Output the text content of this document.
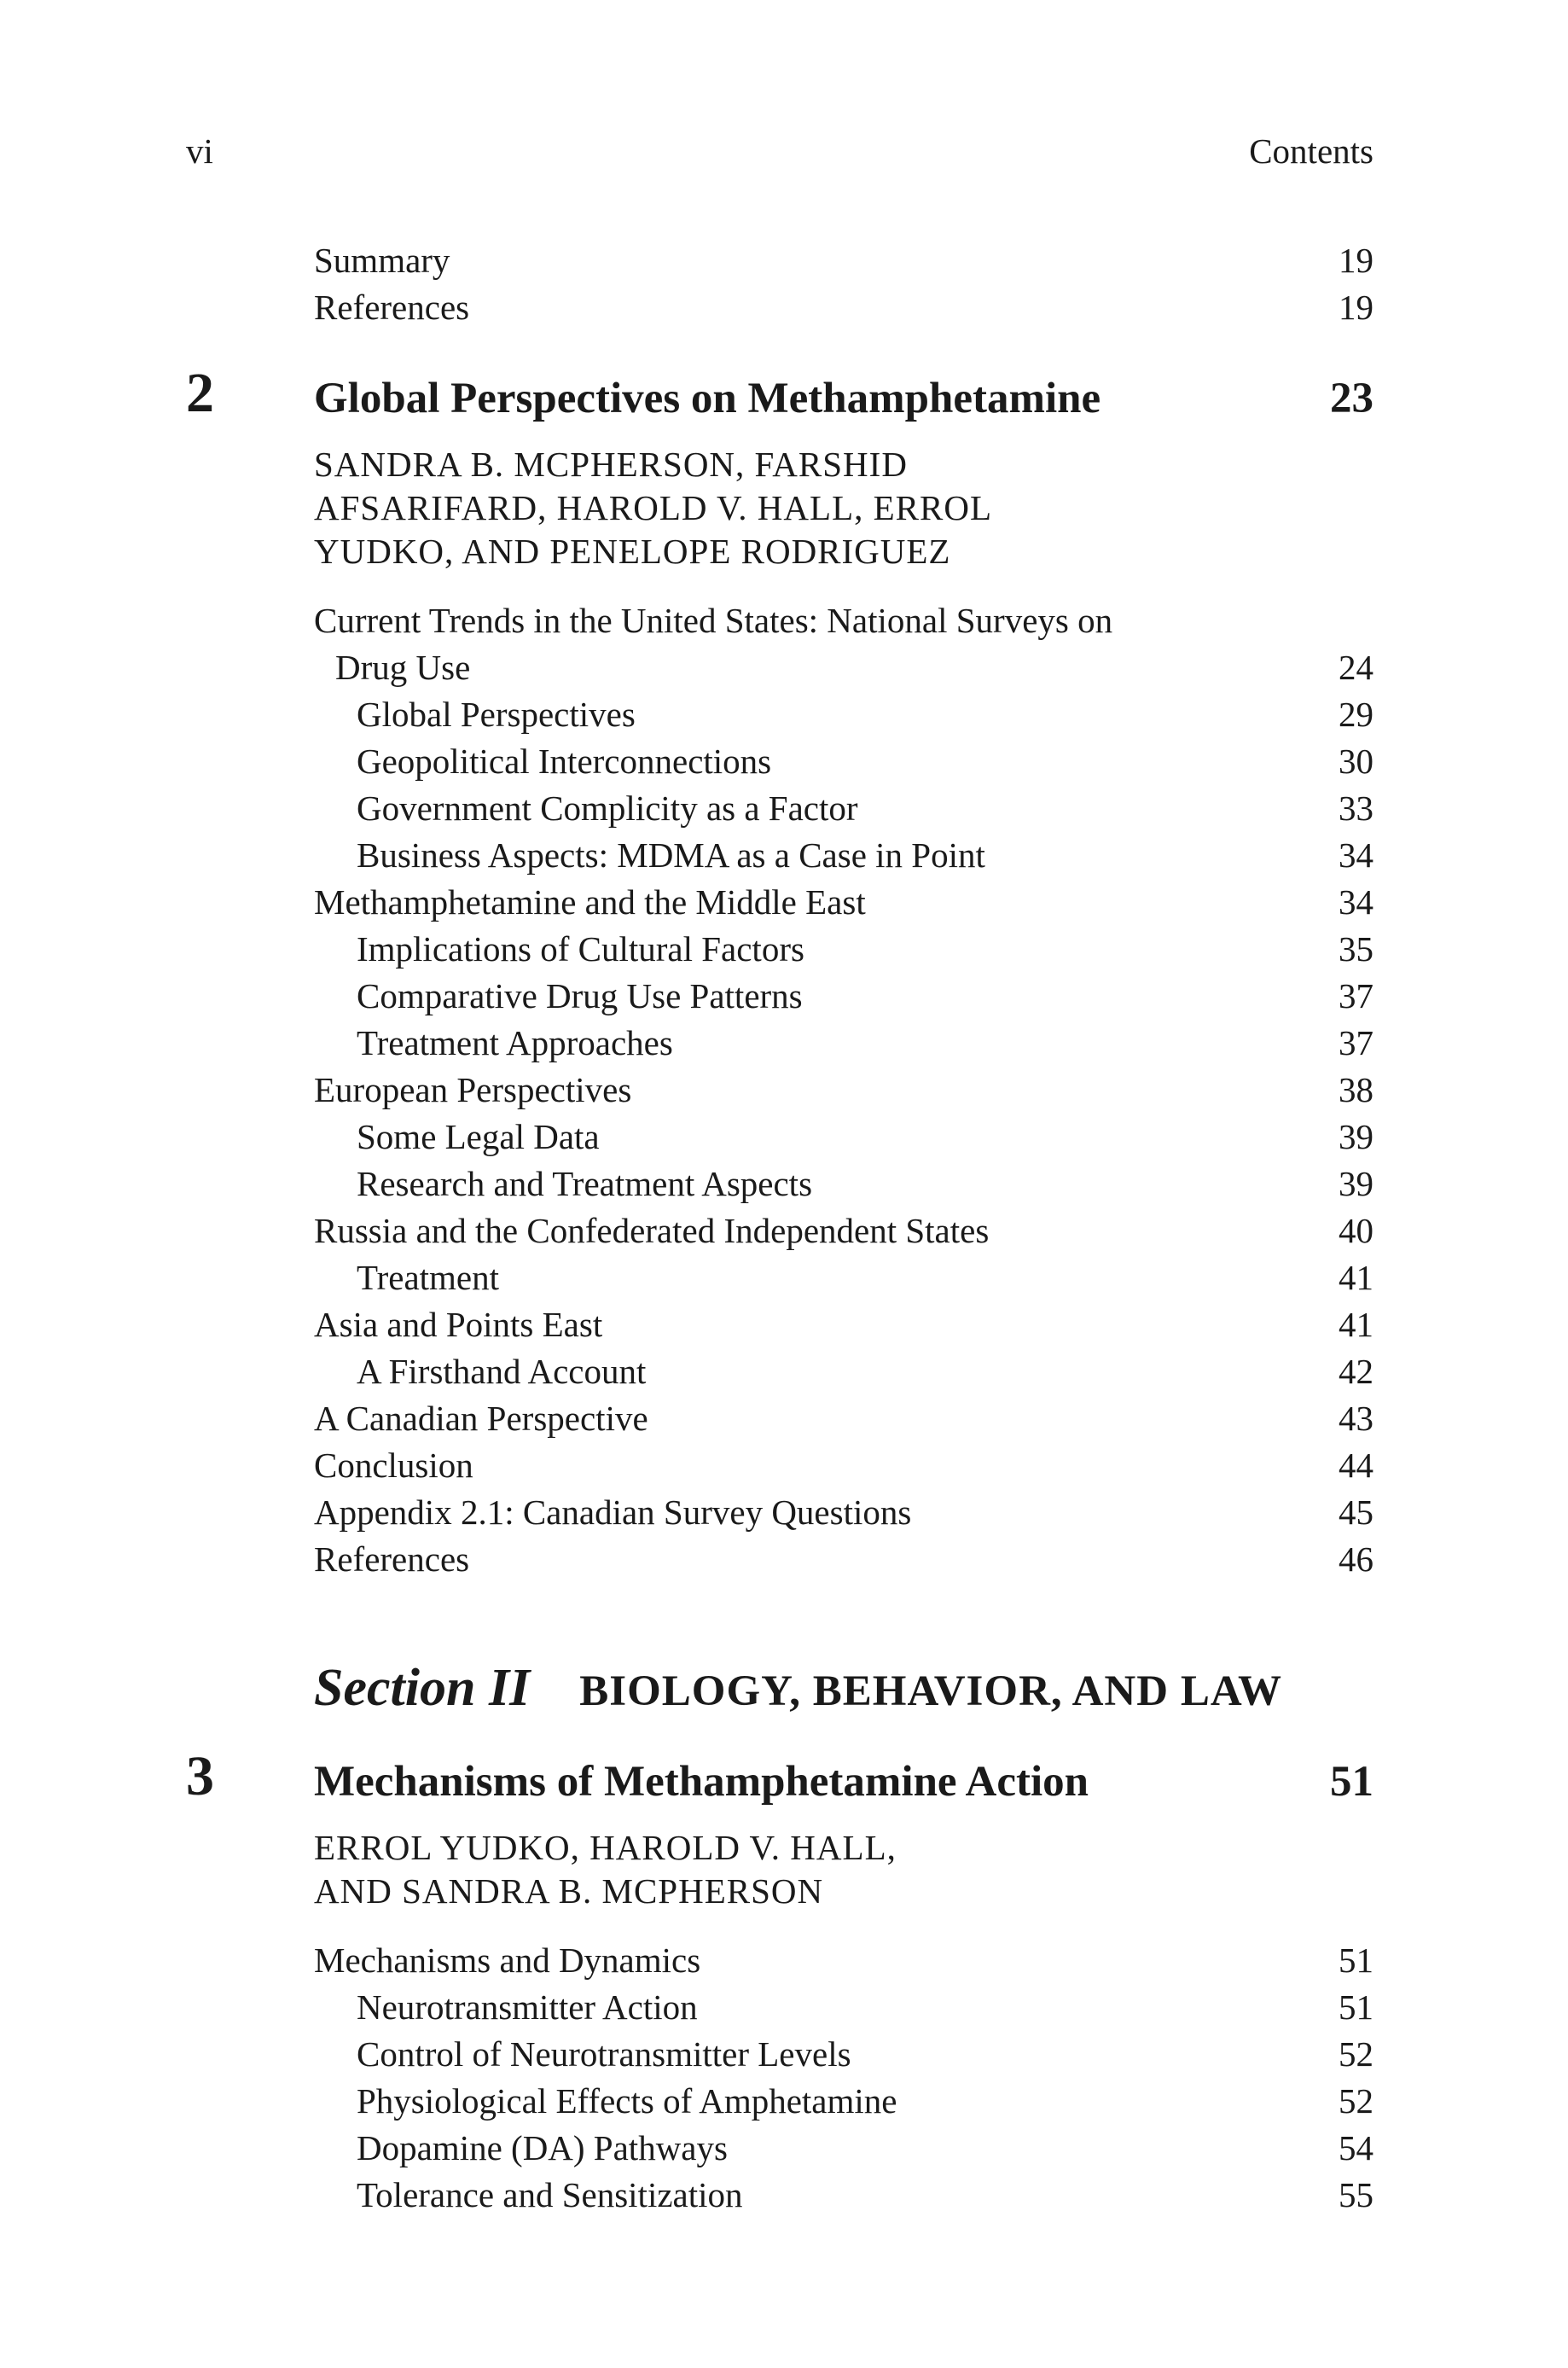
vi	Contents
Summary	19
References	19
2 Global Perspectives on Methamphetamine	23
SANDRA B. MCPHERSON, FARSHID
AFSARIFARD, HAROLD V. HALL, ERROL
YUDKO, AND PENELOPE RODRIGUEZ
Current Trends in the United States: National Surveys on
Drug Use	24
Global Perspectives	29
Geopolitical Interconnections	30
Government Complicity as a Factor	33
Business Aspects: MDMA as a Case in Point	34
Methamphetamine and the Middle East	34
Implications of Cultural Factors	35
Comparative Drug Use Patterns	37
Treatment Approaches	37
European Perspectives	38
Some Legal Data	39
Research and Treatment Aspects	39
Russia and the Confederated Independent States	40
Treatment	41
Asia and Points East	41
A Firsthand Account	42
A Canadian Perspective	43
Conclusion	44
Appendix 2.1: Canadian Survey Questions	45
References	46
Section II BIOLOGY, BEHAVIOR, AND LAW
3 Mechanisms of Methamphetamine Action	51
ERROL YUDKO, HAROLD V. HALL,
AND SANDRA B. MCPHERSON
Mechanisms and Dynamics	51
Neurotransmitter Action	51
Control of Neurotransmitter Levels	52
Physiological Effects of Amphetamine	52
Dopamine (DA) Pathways	54
Tolerance and Sensitization	55
